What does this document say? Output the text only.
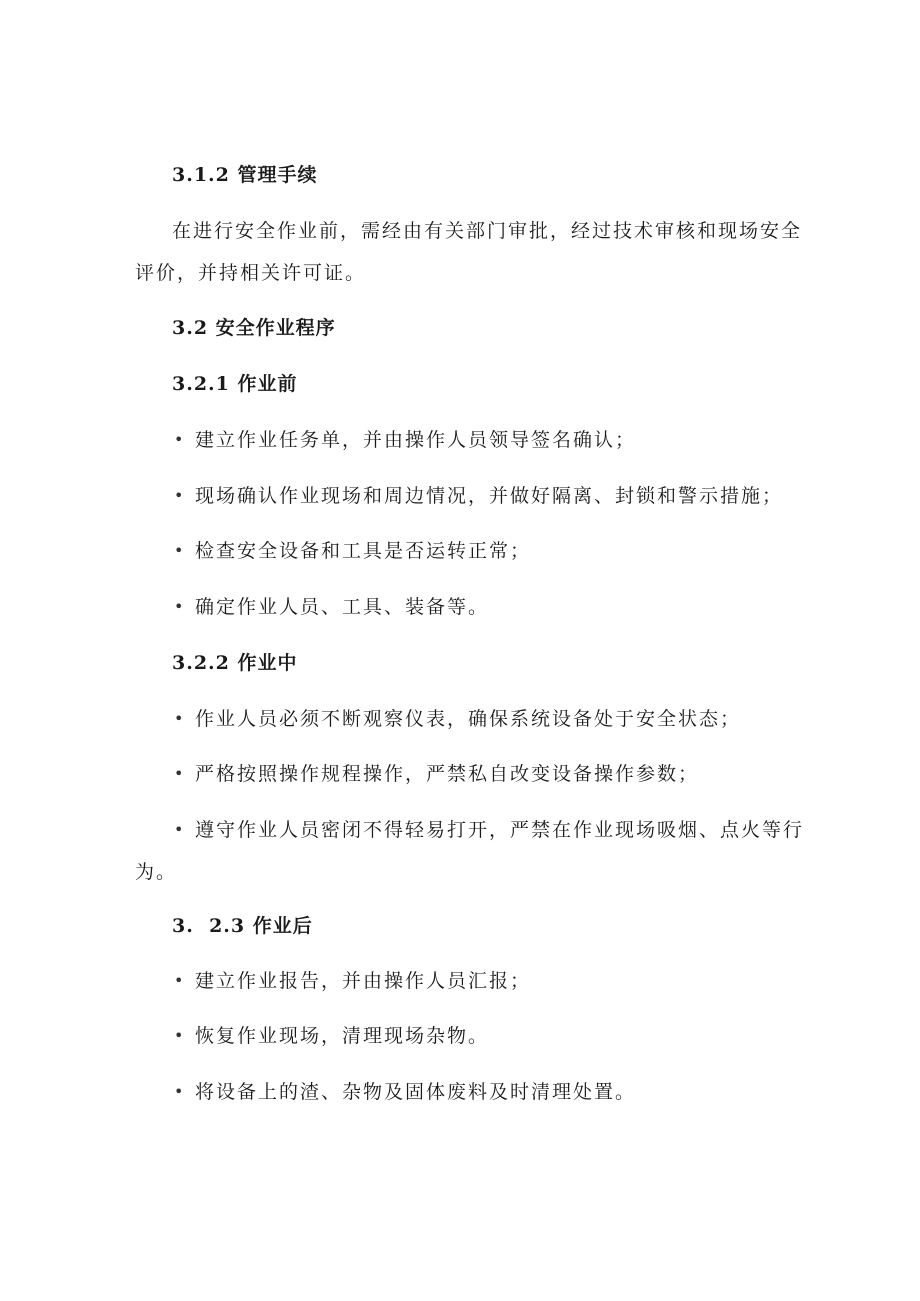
3.1.2 管理手续
在进行安全作业前，需经由有关部门审批，经过技术审核和现场安全
评价，并持相关许可证。
3.2 安全作业程序
3.2.1 作业前
• 建立作业任务单，并由操作人员领导签名确认；
• 现场确认作业现场和周边情况，并做好隔离、封锁和警示措施；
• 检查安全设备和工具是否运转正常；
• 确定作业人员、工具、装备等。
3.2.2 作业中
• 作业人员必须不断观察仪表，确保系统设备处于安全状态；
• 严格按照操作规程操作，严禁私自改变设备操作参数；
• 遵守作业人员密闭不得轻易打开，严禁在作业现场吸烟、点火等行
为。
3.  2.3 作业后
• 建立作业报告，并由操作人员汇报；
• 恢复作业现场，清理现场杂物。
• 将设备上的渣、杂物及固体废料及时清理处置。
